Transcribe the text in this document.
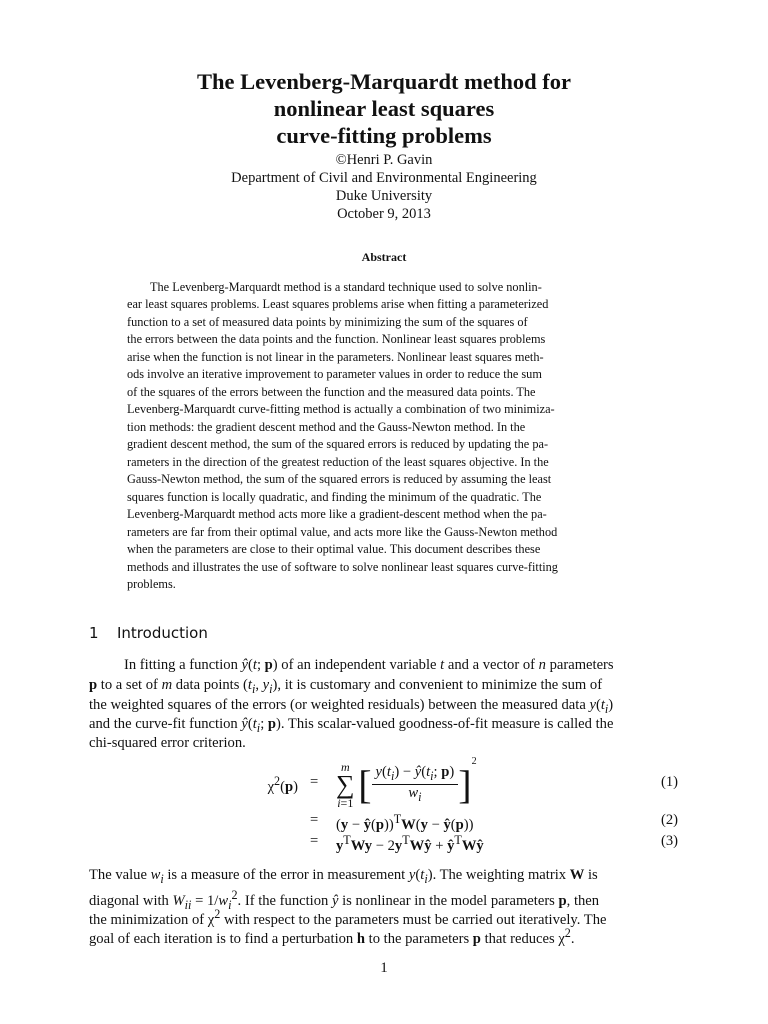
The Levenberg-Marquardt method for
nonlinear least squares
curve-fitting problems
©Henri P. Gavin
Department of Civil and Environmental Engineering
Duke University
October 9, 2013
Abstract
The Levenberg-Marquardt method is a standard technique used to solve nonlin-
ear least squares problems. Least squares problems arise when fitting a parameterized
function to a set of measured data points by minimizing the sum of the squares of
the errors between the data points and the function. Nonlinear least squares problems
arise when the function is not linear in the parameters. Nonlinear least squares meth-
ods involve an iterative improvement to parameter values in order to reduce the sum
of the squares of the errors between the function and the measured data points. The
Levenberg-Marquardt curve-fitting method is actually a combination of two minimiza-
tion methods: the gradient descent method and the Gauss-Newton method. In the
gradient descent method, the sum of the squared errors is reduced by updating the pa-
rameters in the direction of the greatest reduction of the least squares objective. In the
Gauss-Newton method, the sum of the squared errors is reduced by assuming the least
squares function is locally quadratic, and finding the minimum of the quadratic. The
Levenberg-Marquardt method acts more like a gradient-descent method when the pa-
rameters are far from their optimal value, and acts more like the Gauss-Newton method
when the parameters are close to their optimal value. This document describes these
methods and illustrates the use of software to solve nonlinear least squares curve-fitting
problems.
1 Introduction
In fitting a function ŷ(t; p) of an independent variable t and a vector of n parameters
p to a set of m data points ($t_i$, $y_i$), it is customary and convenient to minimize the sum of
the weighted squares of the errors (or weighted residuals) between the measured data $y(t_i)$
and the curve-fit function $ŷ(t_i$; p). This scalar-valued goodness-of-fit measure is called the
chi-squared error criterion.
$\chi^2(p)$ =
m
∑
i=1 [ $\frac{y(t_i) - ŷ(t_i; p)}{w_i} ]^2$
(1)
= (y − ŷ(p))$^T$W(y − ŷ(p))	(2)
= $y^TWy$ − $2y^TWŷ$ + $ŷ^TWŷ$	(3)
The value $w_i$ is a measure of the error in measurement $y(t_i)$. The weighting matrix W is
diagonal with $W_{ii} = 1/w_i^2$. If the function ŷ is nonlinear in the model parameters p, then
the minimization of $\chi^2$ with respect to the parameters must be carried out iteratively. The
goal of each iteration is to find a perturbation h to the parameters p that reduces $\chi^2$.
1
